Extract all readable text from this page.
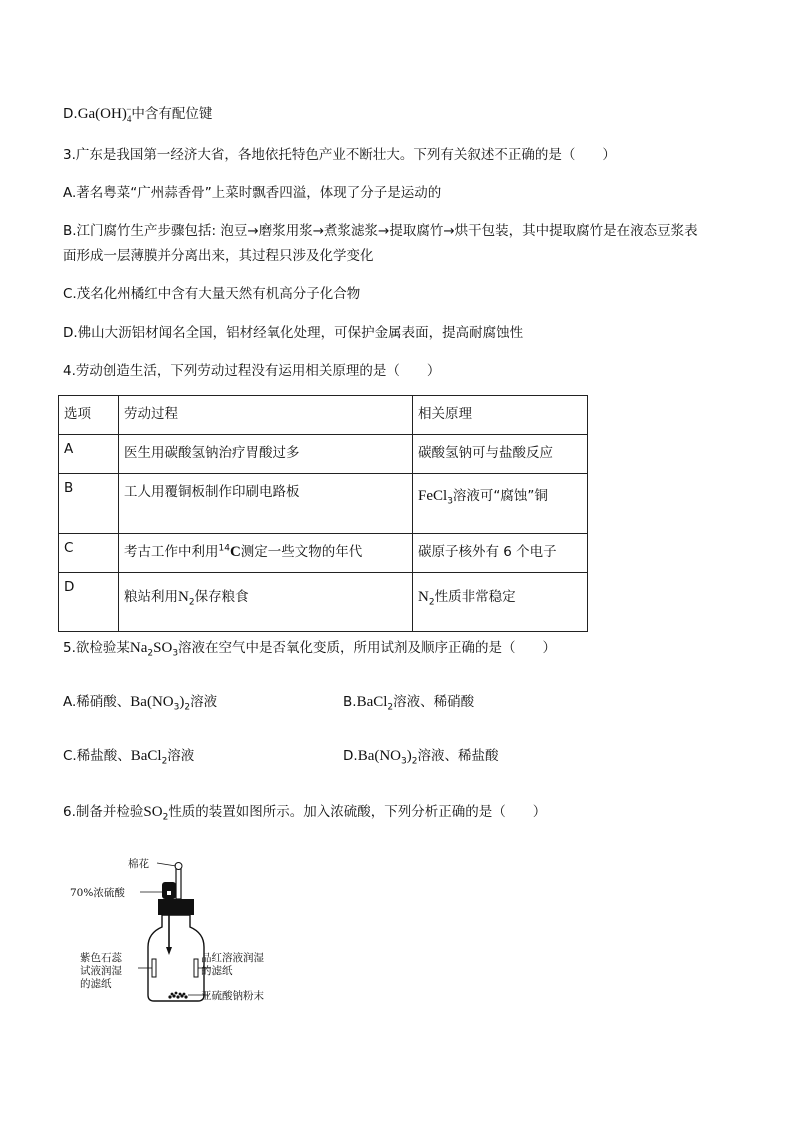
$D.Ga(OH)_4^-$中含有配位键
3.广东是我国第一经济大省，各地依托特色产业不断壮大。下列有关叙述不正确的是（　　）
A.著名粤菜“广州蒜香骨”上菜时飘香四溢，体现了分子是运动的
B.江门腐竹生产步骤包括: 泡豆→磨浆用浆→煮浆滤浆→提取腐竹→烘干包装，其中提取腐竹是在液态豆浆表
面形成一层薄膜并分离出来，其过程只涉及化学变化
C.茂名化州橘红中含有大量天然有机高分子化合物
D.佛山大沥铝材闻名全国，铝材经氧化处理，可保护金属表面，提高耐腐蚀性
4.劳动创造生活，下列劳动过程没有运用相关原理的是（　　）
选项	劳动过程	相关原理
A	医生用碳酸氢钠治疗胃酸过多	碳酸氢钠可与盐酸反应
B	工人用覆铜板制作印刷电路板	FeCl$_3$溶液可“腐蚀”铜
C	考古工作中利用$^{14}$C测定一些文物的年代	碳原子核外有 6 个电子
D	粮站利用$N_2$保存粮食	$N_2$性质非常稳定
5.欲检验某$Na_2SO_3$溶液在空气中是否氧化变质，所用试剂及顺序正确的是（　　）
A.稀硝酸、$Ba(NO_3)_2$溶液	B.BaCl$_2$溶液、稀硝酸
C.稀盐酸、BaCl$_2$溶液	$D.Ba(NO_3)_2$溶液、稀盐酸
6.制备并检验$SO_2$性质的装置如图所示。加入浓硫酸，下列分析正确的是（　　）
棉花
70%浓硫酸
紫色石蕊
试液润湿
的滤纸
品红溶液润湿
的滤纸
亚硫酸钠粉末
